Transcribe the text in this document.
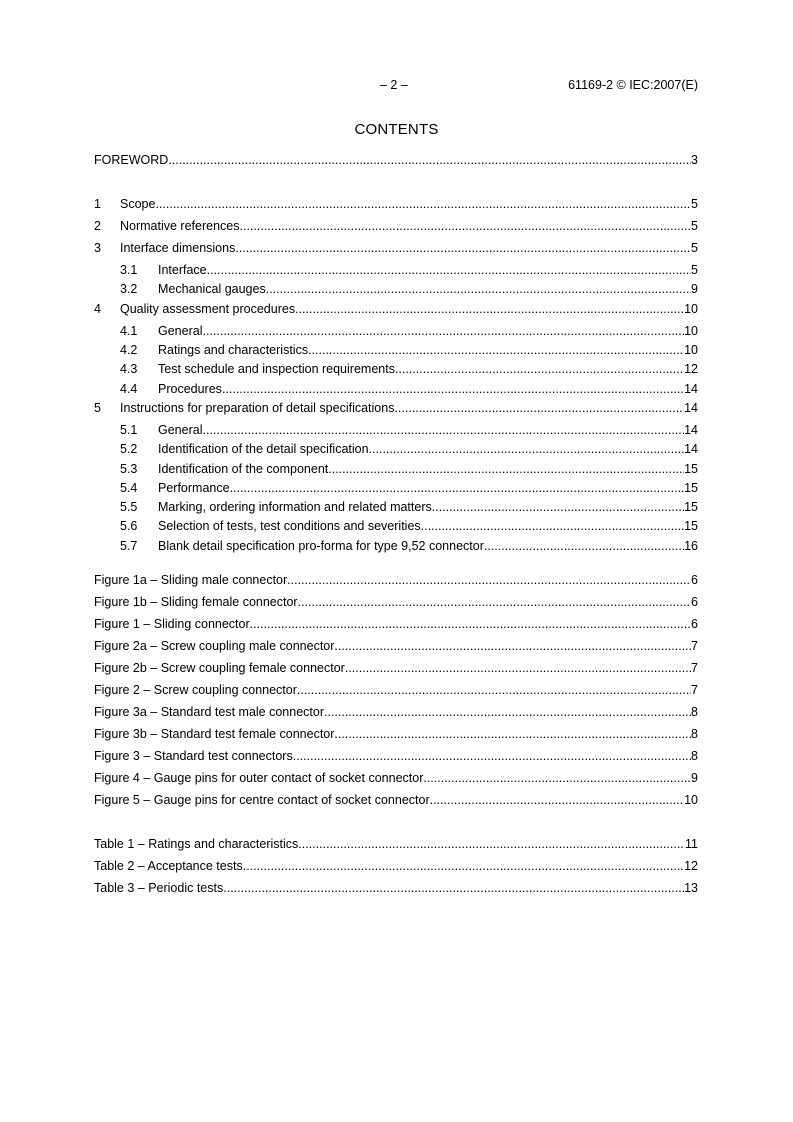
– 2 –	61169-2 © IEC:2007(E)
CONTENTS
FOREWORD .....	3
1	Scope .....	5
2	Normative references .....	5
3	Interface dimensions .....	5
3.1	Interface .....	5
3.2	Mechanical gauges .....	9
4	Quality assessment procedures .....	10
4.1	General .....	10
4.2	Ratings and characteristics .....	10
4.3	Test schedule and inspection requirements .....	12
4.4	Procedures .....	14
5	Instructions for preparation of detail specifications .....	14
5.1	General .....	14
5.2	Identification of the detail specification .....	14
5.3	Identification of the component .....	15
5.4	Performance .....	15
5.5	Marking, ordering information and related matters .....	15
5.6	Selection of tests, test conditions and severities .....	15
5.7	Blank detail specification pro-forma for type 9,52 connector .....	16
Figure 1a – Sliding male connector .....	6
Figure 1b – Sliding female connector .....	6
Figure 1 – Sliding connector .....	6
Figure 2a – Screw coupling male connector .....	7
Figure 2b – Screw coupling female connector .....	7
Figure 2 – Screw coupling connector .....	7
Figure 3a – Standard test male connector .....	8
Figure 3b – Standard test female connector .....	8
Figure 3 – Standard test connectors .....	8
Figure 4 – Gauge pins for outer contact of socket connector .....	9
Figure 5 – Gauge pins for centre contact of socket connector .....	10
Table 1 – Ratings and characteristics .....	11
Table 2 – Acceptance tests .....	12
Table 3 – Periodic tests .....	13
